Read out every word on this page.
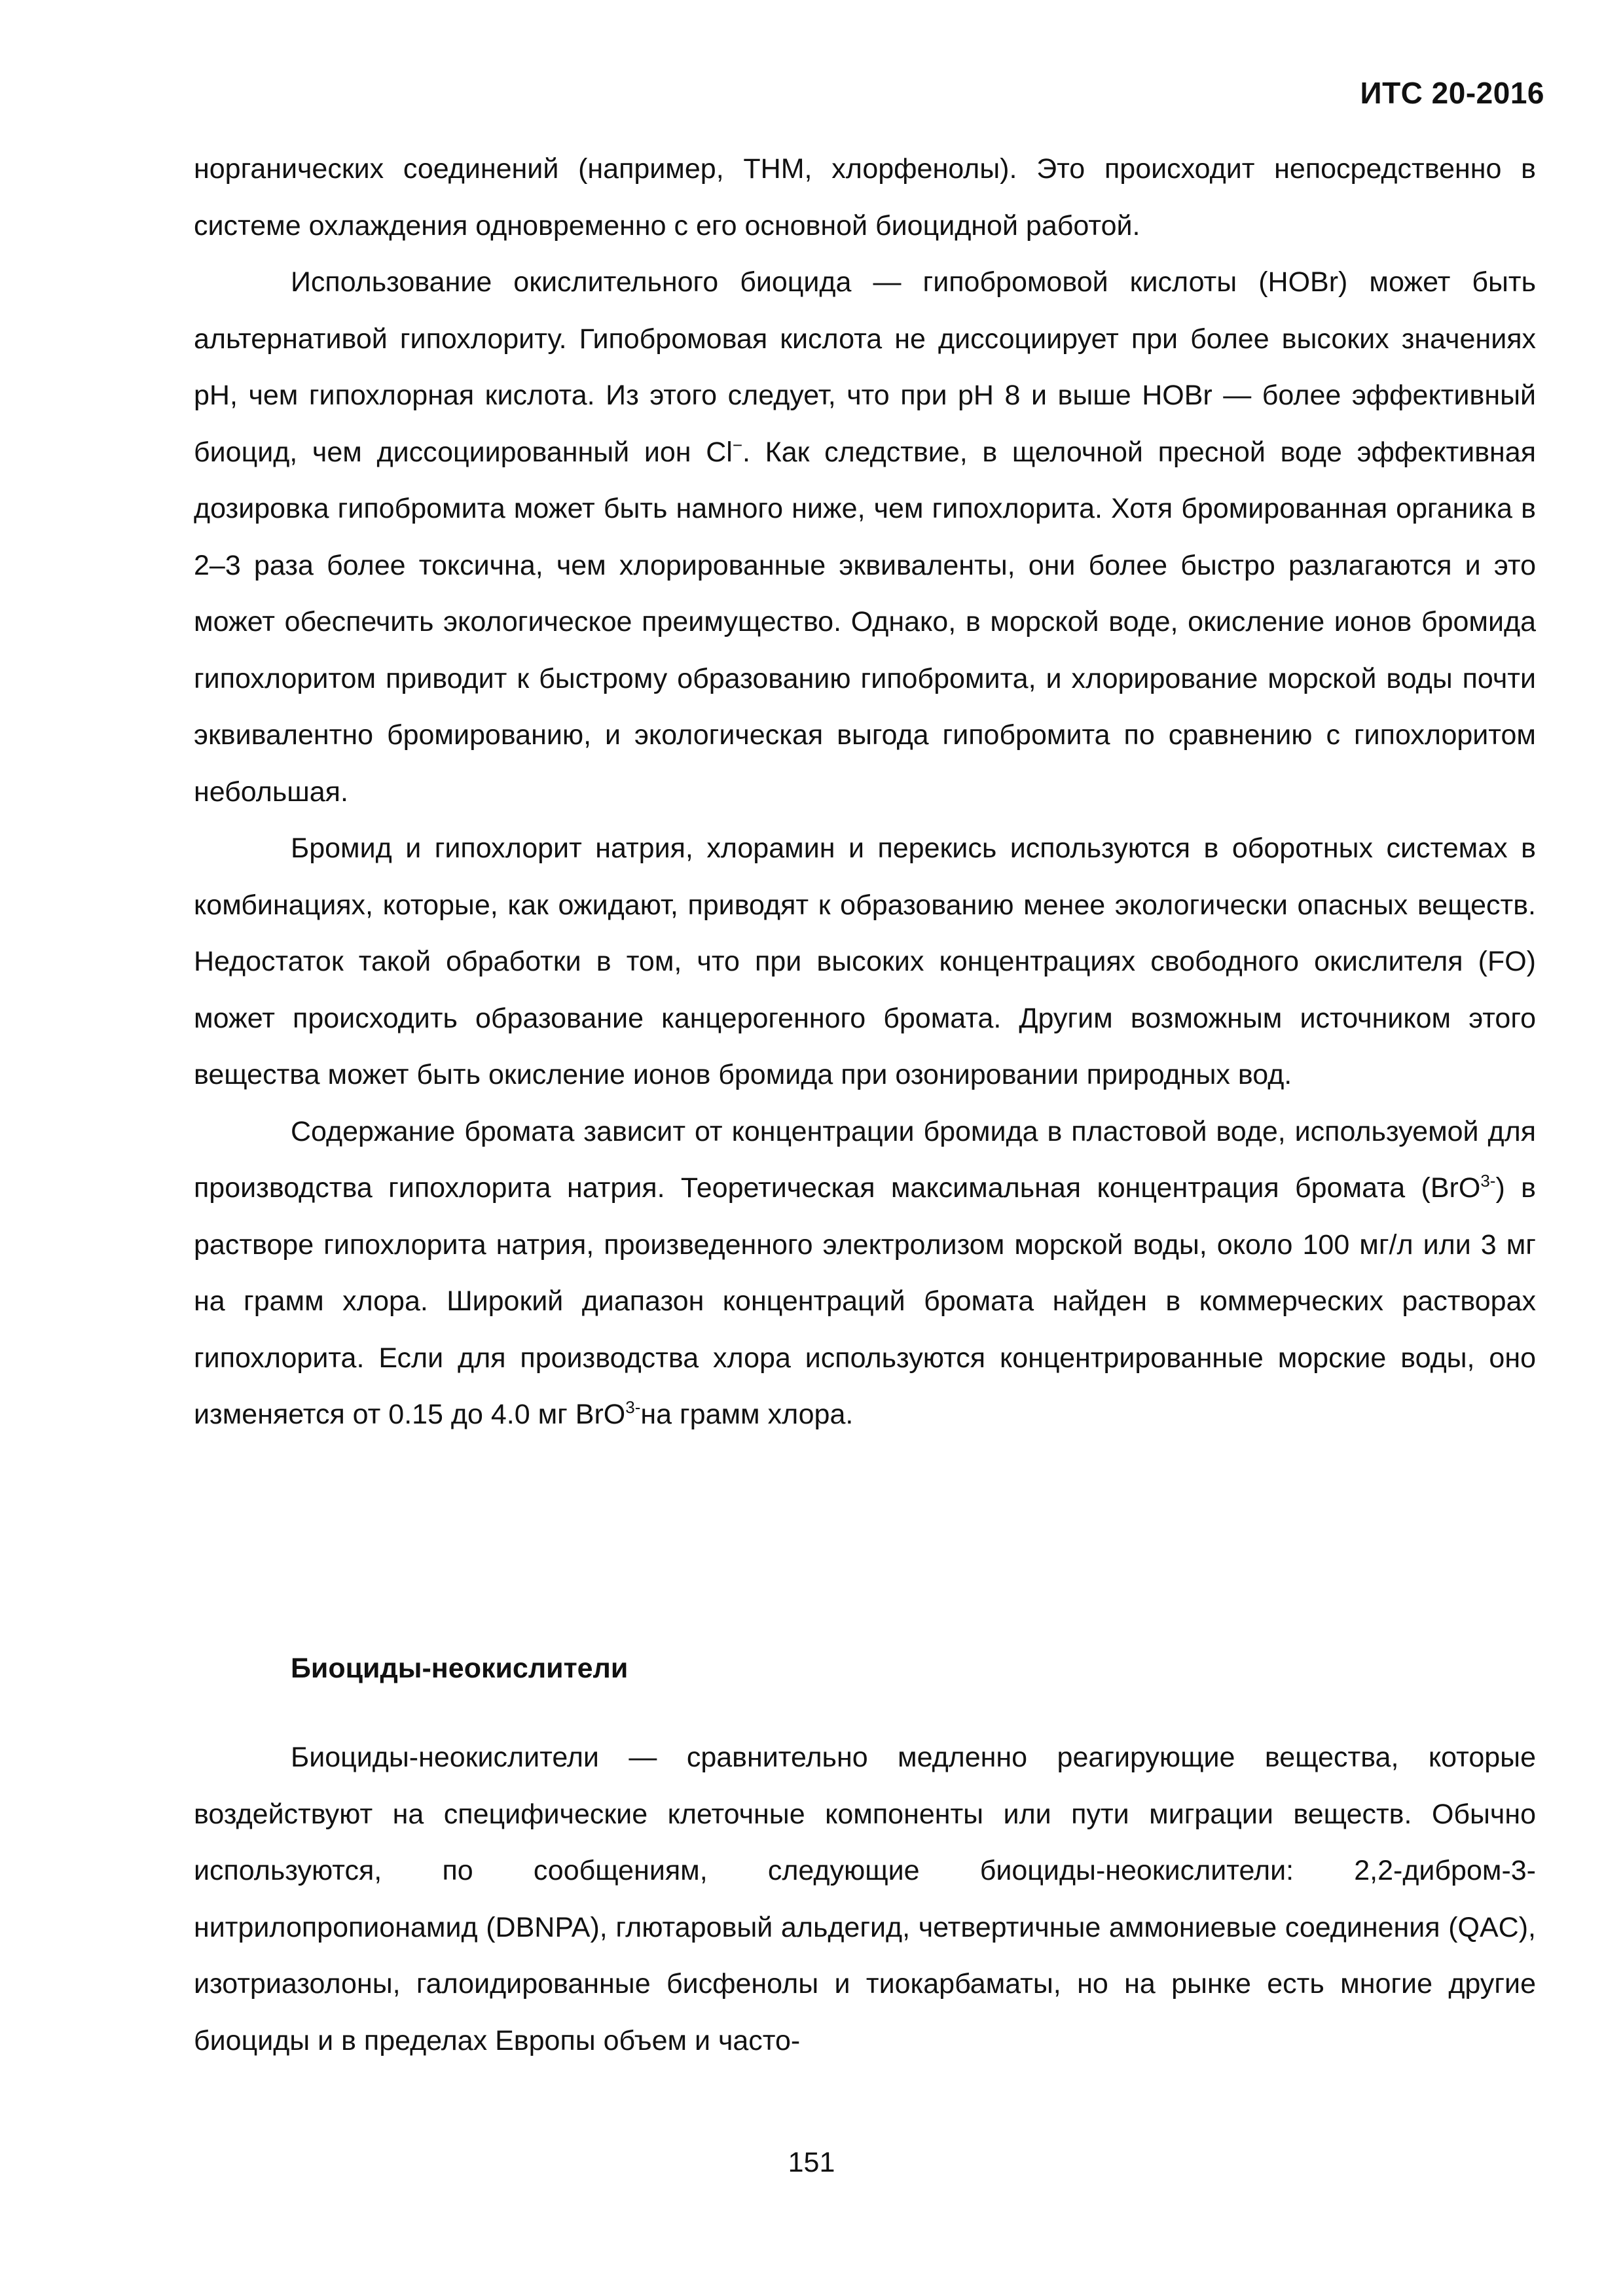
ИТС 20-2016

норганических соединений (например, THM, хлорфенолы). Это происходит непосредственно в системе охлаждения одновременно с его основной биоцидной работой.

Использование окислительного биоцида — гипобромовой кислоты (HOBr) может быть альтернативой гипохлориту. Гипобромовая кислота не диссоциирует при более высоких значениях pH, чем гипохлорная кислота. Из этого следует, что при pH 8 и выше HOBr — более эффективный биоцид, чем диссоциированный ион Cl−. Как следствие, в щелочной пресной воде эффективная дозировка гипобромита может быть намного ниже, чем гипохлорита. Хотя бромированная органика в 2–3 раза более токсична, чем хлорированные эквиваленты, они более быстро разлагаются и это может обеспечить экологическое преимущество. Однако, в морской воде, окисление ионов бромида гипохлоритом приводит к быстрому образованию гипобромита, и хлорирование морской воды почти эквивалентно бромированию, и экологическая выгода гипобромита по сравнению с гипохлоритом небольшая.

Бромид и гипохлорит натрия, хлорамин и перекись используются в оборотных системах в комбинациях, которые, как ожидают, приводят к образованию менее экологически опасных веществ. Недостаток такой обработки в том, что при высоких концентрациях свободного окислителя (FO) может происходить образование канцерогенного бромата. Другим возможным источником этого вещества может быть окисление ионов бромида при озонировании природных вод.

Содержание бромата зависит от концентрации бромида в пластовой воде, используемой для производства гипохлорита натрия. Теоретическая максимальная концентрация бромата (BrO$^{3-}$) в растворе гипохлорита натрия, произведенного электролизом морской воды, около 100 мг/л или 3 мг на грамм хлора. Широкий диапазон концентраций бромата найден в коммерческих растворах гипохлорита. Если для производства хлора используются концентрированные морские воды, оно изменяется от 0.15 до 4.0 мг BrO$^{3-}$на грамм хлора.

Биоциды-неокислители

Биоциды-неокислители — сравнительно медленно реагирующие вещества, которые воздействуют на специфические клеточные компоненты или пути миграции веществ. Обычно используются, по сообщениям, следующие биоциды-неокислители: 2,2-дибром-3-нитрилопропионамид (DBNPA), глютаровый альдегид, четвертичные аммониевые соединения (QAC), изотриазолоны, галоидированные бисфенолы и тиокарбаматы, но на рынке есть многие другие биоциды и в пределах Европы объем и часто-

151
